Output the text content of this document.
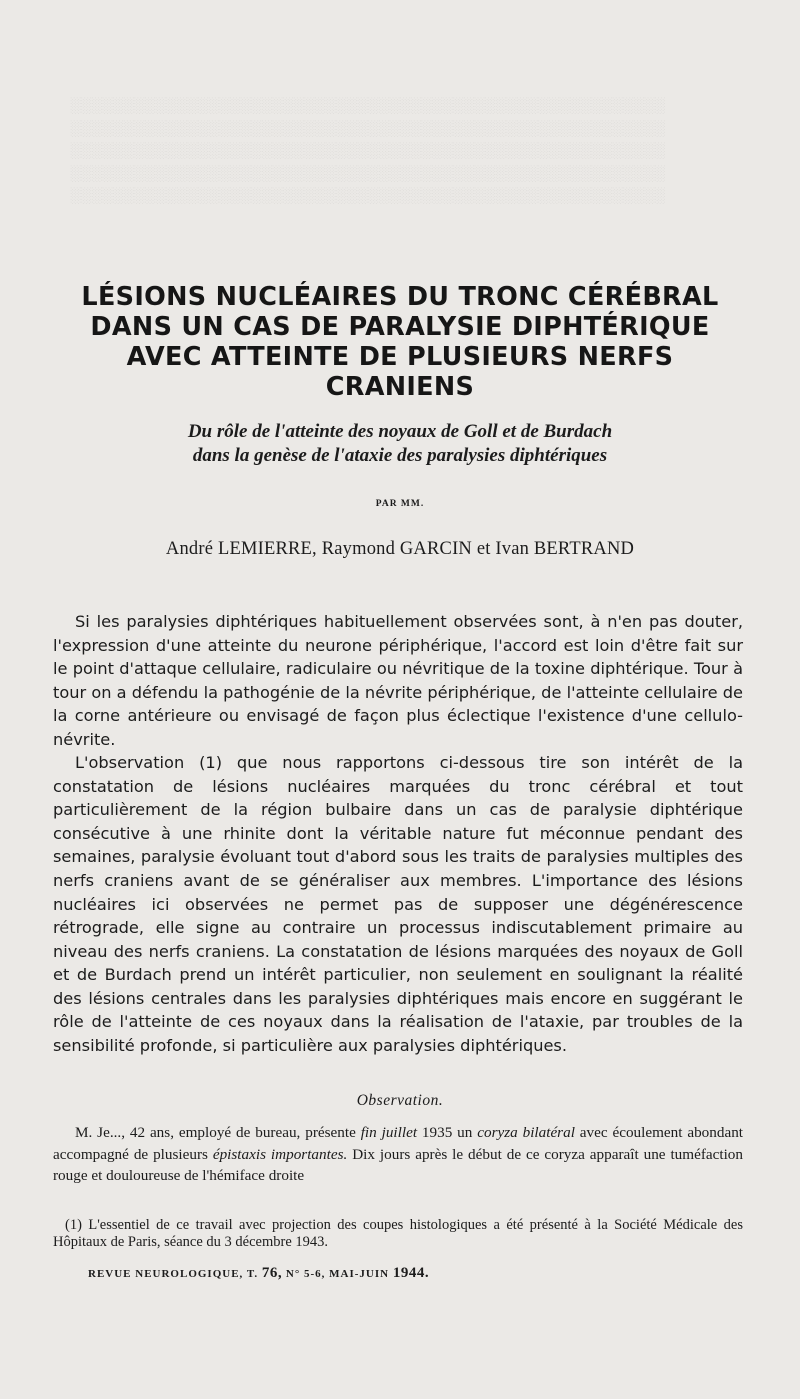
░░░░░░░░░░░░░░░░░░░░░░░░░░░░░░░░░░░░░░░░░░░░░░░░░░░░░░░░
░░░░░░░░░░░░░░░░░░░░░░░░░░░░░░░░░░░░░░░░░░░░░░░░░░░░░░░░
░░░░░░░░░░░░░░░░░░░░░░░░░░░░░░░░░░░░░░░░░░░░░░░░░░░░░░░░
░░░░░░░░░░░░░░░░░░░░░░░░░░░░░░░░░░░░░░░░░░░░░░░░░░░░░░░░
░░░░░░░░░░░░░░░░░░░░░░░░░░░░░░░░░░░░░░░░░░░░░░░░░░░░░░░░
LÉSIONS NUCLÉAIRES DU TRONC CÉRÉBRAL
DANS UN CAS DE PARALYSIE DIPHTÉRIQUE
AVEC ATTEINTE DE PLUSIEURS NERFS
CRANIENS
Du rôle de l'atteinte des noyaux de Goll et de Burdach
dans la genèse de l'ataxie des paralysies diphtériques
PAR MM.
André LEMIERRE, Raymond GARCIN et Ivan BERTRAND

Si les paralysies diphtériques habituellement observées sont, à n'en pas douter, l'expression d'une atteinte du neurone périphérique, l'accord est loin d'être fait sur le point d'attaque cellulaire, radiculaire ou névritique de la toxine diphtérique. Tour à tour on a défendu la pathogénie de la névrite périphérique, de l'atteinte cellulaire de la corne antérieure ou envisagé de façon plus éclectique l'existence d'une cellulo-névrite.

L'observation (1) que nous rapportons ci-dessous tire son intérêt de la constatation de lésions nucléaires marquées du tronc cérébral et tout particulièrement de la région bulbaire dans un cas de paralysie diphtérique consécutive à une rhinite dont la véritable nature fut méconnue pendant des semaines, paralysie évoluant tout d'abord sous les traits de paralysies multiples des nerfs craniens avant de se généraliser aux membres. L'importance des lésions nucléaires ici observées ne permet pas de supposer une dégénérescence rétrograde, elle signe au contraire un processus indiscutablement primaire au niveau des nerfs craniens. La constatation de lésions marquées des noyaux de Goll et de Burdach prend un intérêt particulier, non seulement en soulignant la réalité des lésions centrales dans les paralysies diphtériques mais encore en suggérant le rôle de l'atteinte de ces noyaux dans la réalisation de l'ataxie, par troubles de la sensibilité profonde, si particulière aux paralysies diphtériques.

Observation.

M. Je..., 42 ans, employé de bureau, présente fin juillet 1935 un coryza bilatéral avec écoulement abondant accompagné de plusieurs épistaxis importantes. Dix jours après le début de ce coryza apparaît une tuméfaction rouge et douloureuse de l'hémiface droite

(1) L'essentiel de ce travail avec projection des coupes histologiques a été présenté à la Société Médicale des Hôpitaux de Paris, séance du 3 décembre 1943.

REVUE NEUROLOGIQUE, T. 76, N° 5-6, MAI-JUIN 1944.
